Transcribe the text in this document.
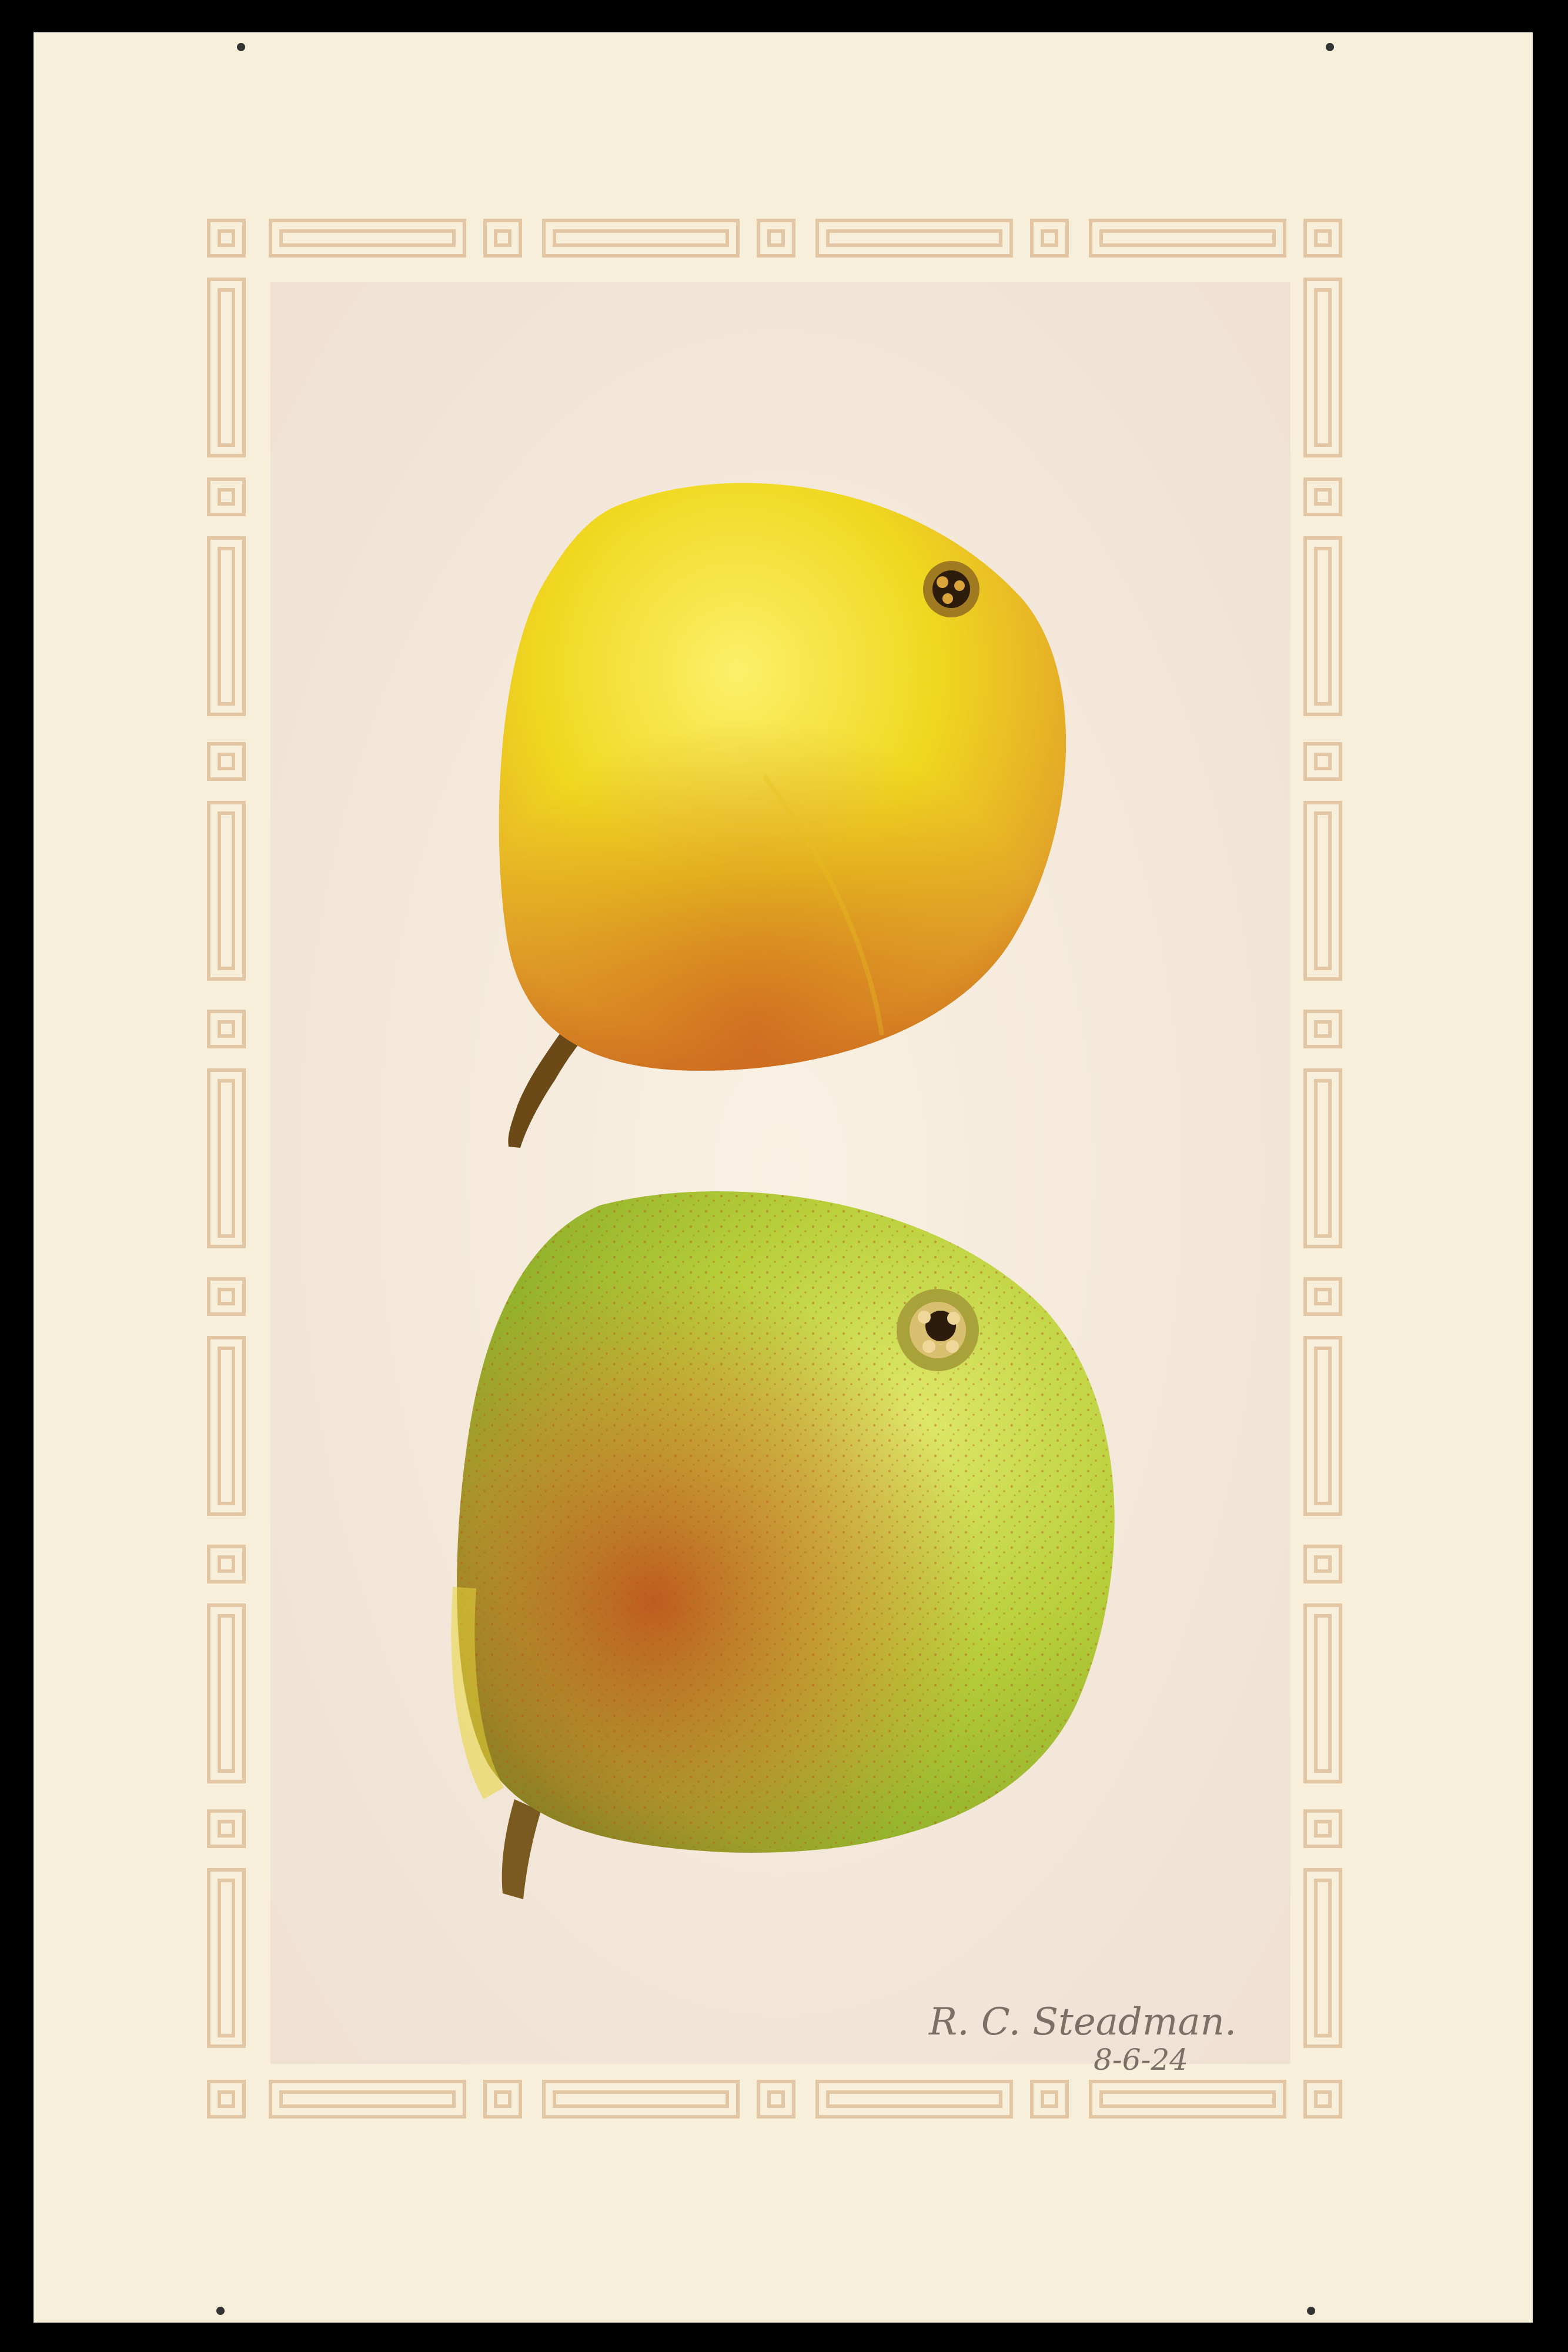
R. C. Steadman.
8-6-24
